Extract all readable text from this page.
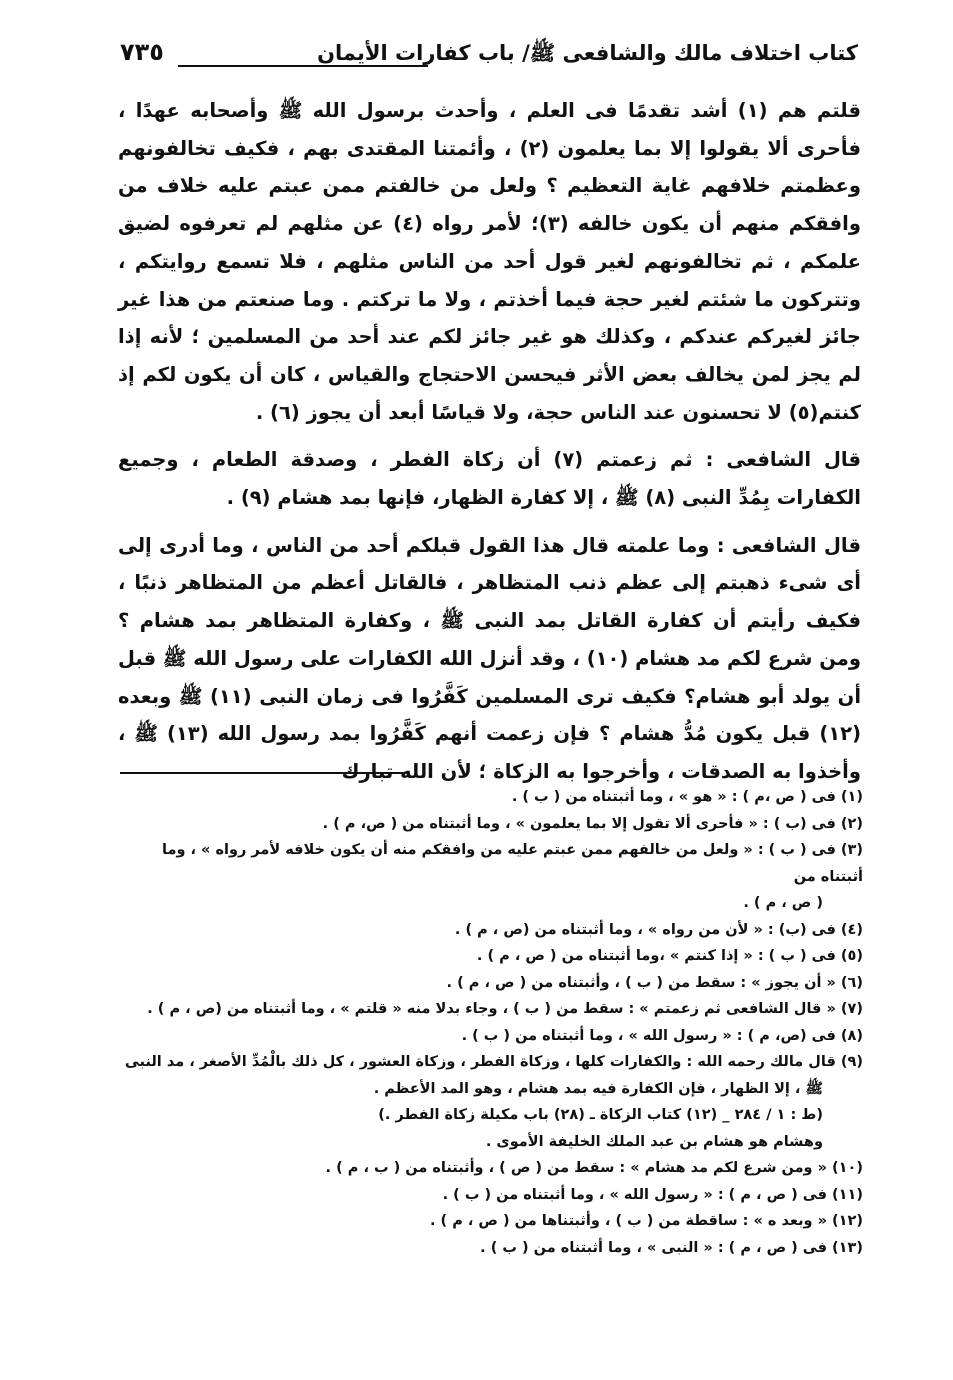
كتاب اختلاف مالك والشافعى ﷺ/ باب كفارات الأيمان
٧٣٥

قلتم هم (١) أشد تقدمًا فى العلم ، وأحدث برسول الله ﷺ وأصحابه عهدًا ، فأحرى ألا يقولوا إلا بما يعلمون (٢) ، وأئمتنا المقتدى بهم ، فكيف تخالفونهم وعظمتم خلافهم غاية التعظيم ؟ ولعل من خالفتم ممن عبتم عليه خلاف من وافقكم منهم أن يكون خالفه (٣)؛ لأمر رواه (٤) عن مثلهم لم تعرفوه لضيق علمكم ، ثم تخالفونهم لغير قول أحد من الناس مثلهم ، فلا تسمع روايتكم ، وتتركون ما شئتم لغير حجة فيما أخذتم ، ولا ما تركتم . وما صنعتم من هذا غير جائز لغيركم عندكم ، وكذلك هو غير جائز لكم عند أحد من المسلمين ؛ لأنه إذا لم يجز لمن يخالف بعض الأثر فيحسن الاحتجاج والقياس ، كان أن يكون لكم إذ كنتم(٥) لا تحسنون عند الناس حجة، ولا قياسًا أبعد أن يجوز (٦) .

قال الشافعى : ثم زعمتم (٧) أن زكاة الفطر ، وصدقة الطعام ، وجميع الكفارات بِمُدِّ النبى (٨) ﷺ ، إلا كفارة الظهار، فإنها بمد هشام (٩) .

قال الشافعى : وما علمته قال هذا القول قبلكم أحد من الناس ، وما أدرى إلى أى شىء ذهبتم إلى عظم ذنب المتظاهر ، فالقاتل أعظم من المتظاهر ذنبًا ، فكيف رأيتم أن كفارة القاتل بمد النبى ﷺ ، وكفارة المتظاهر بمد هشام ؟ ومن شرع لكم مد هشام (١٠) ، وقد أنزل الله الكفارات على رسول الله ﷺ قبل أن يولد أبو هشام؟ فكيف ترى المسلمين كَفَّرُوا فى زمان النبى (١١) ﷺ وبعده (١٢) قبل يكون مُدُّ هشام ؟ فإن زعمت أنهم كَفَّرُوا بمد رسول الله (١٣) ﷺ ، وأخذوا به الصدقات ، وأخرجوا به الزكاة ؛ لأن الله تبارك

(١) فى ( ص ،م ) : « هو » ، وما أثبتناه من ( ب ) .

(٢) فى (ب ) : « فأحرى ألا تقول إلا بما يعلمون » ، وما أثبتناه من ( ص، م ) .

(٣) فى ( ب ) : « ولعل من خالفهم ممن عبتم عليه من وافقكم منه أن يكون خلافه لأمر رواه » ، وما أثبتناه من

( ص ، م ) .

(٤) فى (ب) : « لأن من رواه » ، وما أثبتناه من (ص ، م ) .

(٥) فى ( ب ) : « إذا كنتم » ،وما أثبتناه من ( ص ، م ) .

(٦) « أن يجوز » : سقط من ( ب ) ، وأثبتناه من ( ص ، م ) .

(٧) « قال الشافعى ثم زعمتم » : سقط من ( ب ) ، وجاء بدلا منه « قلتم » ، وما أثبتناه من (ص ، م ) .

(٨) فى (ص، م ) : « رسول الله » ، وما أثبتناه من ( ب ) .

(٩) قال مالك رحمه الله : والكفارات كلها ، وزكاة الفطر ، وزكاة العشور ، كل ذلك بالْمُدِّ الأصغر ، مد النبى

ﷺ ، إلا الظهار ، فإن الكفارة فيه بمد هشام ، وهو المد الأعظم .

(ط : ١ / ٢٨٤ _ (١٢) كتاب الزكاة ـ (٢٨) باب مكيلة زكاة الفطر .)

وهشام هو هشام بن عبد الملك الخليفة الأموى .

(١٠) « ومن شرع لكم مد هشام » : سقط من ( ص ) ، وأثبتناه من ( ب ، م ) .

(١١) فى ( ص ، م ) : « رسول الله » ، وما أثبتناه من ( ب ) .

(١٢) « وبعد ه » : ساقطة من ( ب ) ، وأثبتناها من ( ص ، م ) .

(١٣) فى ( ص ، م ) : « النبى » ، وما أثبتناه من ( ب ) .
